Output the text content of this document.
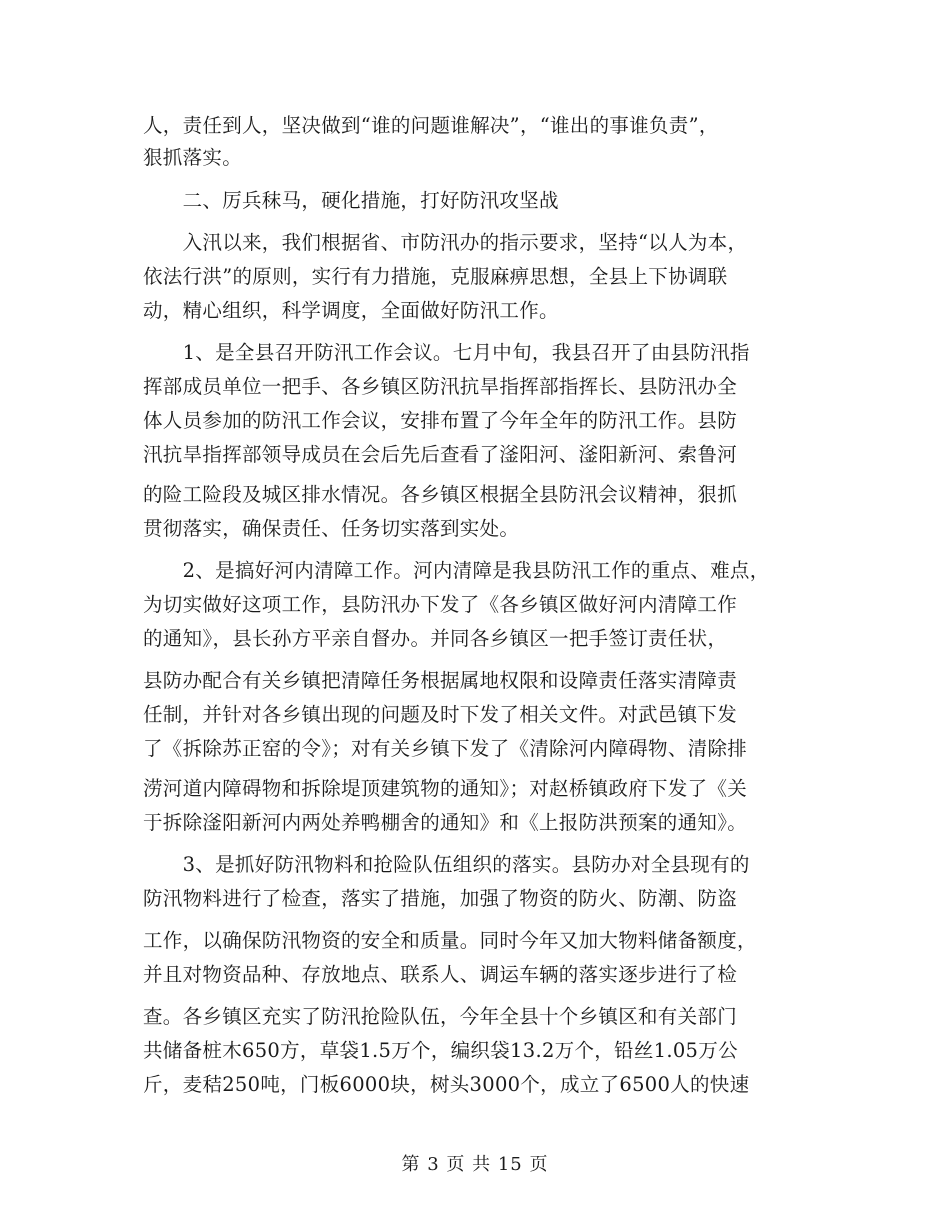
人，责任到人，坚决做到“谁的问题谁解决”，“谁出的事谁负责”，
狠抓落实。
　　二、厉兵秣马，硬化措施，打好防汛攻坚战
　　入汛以来，我们根据省、市防汛办的指示要求，坚持“以人为本，
依法行洪”的原则，实行有力措施，克服麻痹思想，全县上下协调联
动，精心组织，科学调度，全面做好防汛工作。
　　1、是全县召开防汛工作会议。七月中旬，我县召开了由县防汛指
挥部成员单位一把手、各乡镇区防汛抗旱指挥部指挥长、县防汛办全
体人员参加的防汛工作会议，安排布置了今年全年的防汛工作。县防
汛抗旱指挥部领导成员在会后先后查看了滏阳河、滏阳新河、索鲁河
的险工险段及城区排水情况。各乡镇区根据全县防汛会议精神，狠抓
贯彻落实，确保责任、任务切实落到实处。
　　2、是搞好河内清障工作。河内清障是我县防汛工作的重点、难点，
为切实做好这项工作，县防汛办下发了《各乡镇区做好河内清障工作
的通知》，县长孙方平亲自督办。并同各乡镇区一把手签订责任状，
县防办配合有关乡镇把清障任务根据属地权限和设障责任落实清障责
任制，并针对各乡镇出现的问题及时下发了相关文件。对武邑镇下发
了《拆除苏正窑的令》；对有关乡镇下发了《清除河内障碍物、清除排
涝河道内障碍物和拆除堤顶建筑物的通知》；对赵桥镇政府下发了《关
于拆除滏阳新河内两处养鸭棚舍的通知》和《上报防洪预案的通知》。
　　3、是抓好防汛物料和抢险队伍组织的落实。县防办对全县现有的
防汛物料进行了检查，落实了措施，加强了物资的防火、防潮、防盗
工作，以确保防汛物资的安全和质量。同时今年又加大物料储备额度，
并且对物资品种、存放地点、联系人、调运车辆的落实逐步进行了检
查。各乡镇区充实了防汛抢险队伍，今年全县十个乡镇区和有关部门
共储备桩木650方，草袋1.5万个，编织袋13.2万个，铅丝1.05万公
斤，麦秸250吨，门板6000块，树头3000个，成立了6500人的快速
第 3 页 共 15 页
